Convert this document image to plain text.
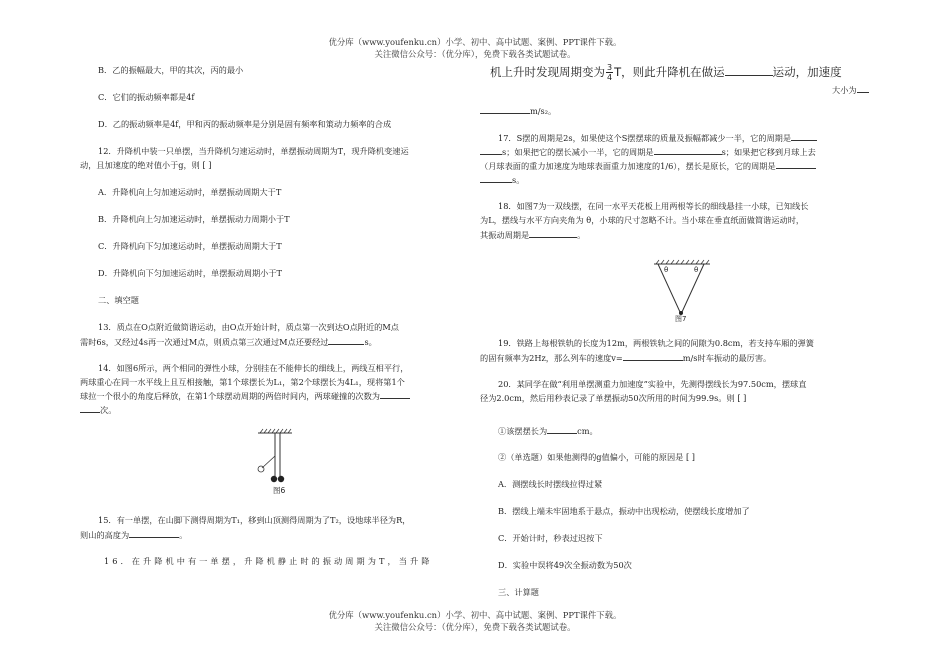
优分库（www.youfenku.cn）小学、初中、高中试题、案例、PPT课件下载。
关注微信公众号：（优分库），免费下载各类试题试卷。

B．乙的振幅最大，甲的其次，丙的最小

C．它们的振动频率都是4f

D．乙的振动频率是4f，甲和丙的振动频率是分别是固有频率和策动力频率的合成

12．升降机中装一只单摆，当升降机匀速运动时，单摆振动周期为T，现升降机变速运

动，且加速度的绝对值小于g，则 [ ]

A．升降机向上匀加速运动时，单摆振动周期大于T

B．升降机向上匀加速运动时，单摆振动力周期小于T

C．升降机向下匀加速运动时，单摆振动周期大于T

D．升降机向下匀加速运动时，单摆振动周期小于T

二、填空题

13．质点在O点附近做简谐运动，由O点开始计时，质点第一次到达O点附近的M点

需时6s，又经过4s再一次通过M点，则质点第三次通过M点还要经过	s。

14．如图6所示，两个相同的弹性小球，分别挂在不能伸长的细线上，两线互相平行，

两球重心在同一水平线上且互相接触，第1个球摆长为L₁，第2个球摆长为4L₁，现将第1个

球拉一个很小的角度后释放，在第1个球摆动周期的两倍时间内，两球碰撞的次数为

次。

图6

15．有一单摆，在山脚下测得周期为T₁，移到山顶测得周期为了T₂，设地球半径为R，

则山的高度为	。

16．在升降机中有一单摆，升降机静止时的振动周期为T，当升降

机上升时发现周期变为 $\frac{3}{4}$ T，则此升降机在做运	运动，加速度

大小为

m/s₂。

17．S摆的周期是2s，如果使这个S摆摆球的质量及振幅都减少一半，它的周期是

s；如果把它的摆长减小一半，它的周期是	s；如果把它移到月球上去

（月球表面的重力加速度为地球表面重力加速度的1/6），摆长是原长，它的周期是

s。

18．如图7为一双线摆，在同一水平天花板上用两根等长的细线悬挂一小球，已知线长

为L，摆线与水平方向夹角为 θ，小球的尺寸忽略不计。当小球在垂直纸面做简谐运动时，

其振动周期是	。

θ	θ
图7

19．铁路上每根铁轨的长度为12m，两根铁轨之间的间隙为0.8cm，若支持车厢的弹簧

的固有频率为2Hz，那么列车的速度v=	m/s时车振动的最厉害。

20．某同学在做“利用单摆测重力加速度”实验中，先测得摆线长为97.50cm，摆球直

径为2.0cm，然后用秒表记录了单摆振动50次所用的时间为99.9s。则 [ ]

①该摆摆长为	cm。

②（单选题）如果他测得的g值偏小，可能的原因是 [ ]

A．测摆线长时摆线拉得过紧

B．摆线上端未牢固地系于悬点，振动中出现松动，使摆线长度增加了

C．开始计时，秒表过迟按下

D．实验中误将49次全振动数为50次

三、计算题

优分库（www.youfenku.cn）小学、初中、高中试题、案例、PPT课件下载。
关注微信公众号：（优分库），免费下载各类试题试卷。
